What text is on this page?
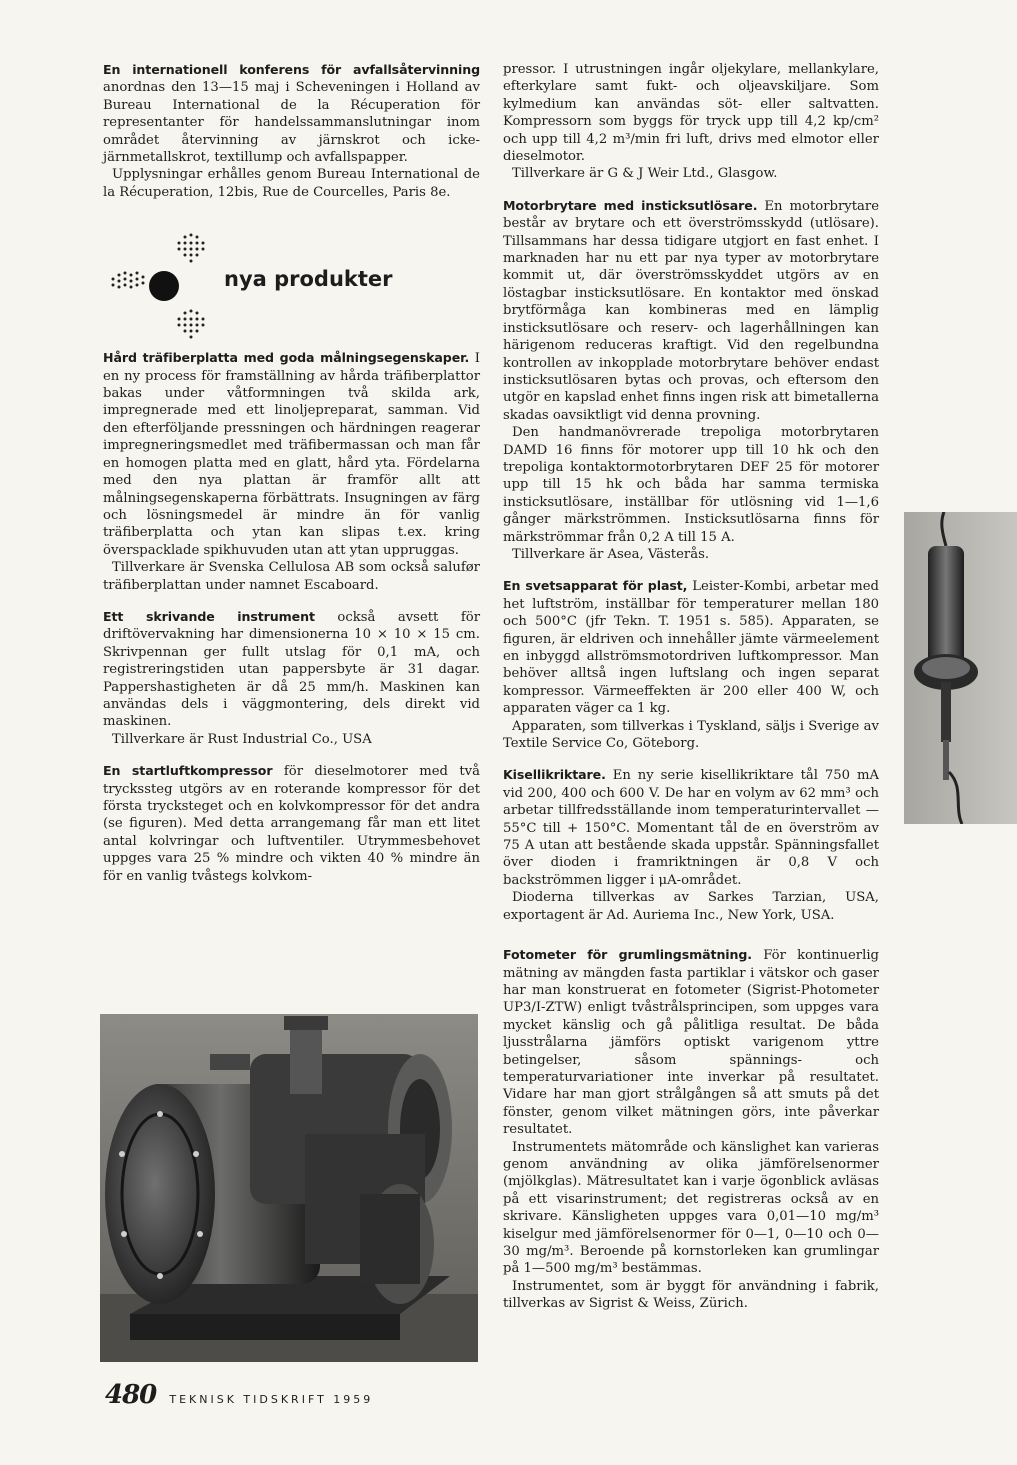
En internationell konferens för avfallsåtervinning anordnas den 13—15 maj i Scheveningen i Holland av Bureau International de la Récuperation för representanter för handelssammanslutningar inom området återvinning av järnskrot och icke-järnmetallskrot, textillump och avfallspapper.

Upplysningar erhålles genom Bureau International de la Récuperation, 12bis, Rue de Courcelles, Paris 8e.

nya produkter

Hård träfiberplatta med goda målningsegenskaper. I en ny process för framställning av hårda träfiberplattor bakas under våtformningen två skilda ark, impregnerade med ett linoljepreparat, samman. Vid den efterföljande pressningen och härdningen reagerar impregneringsmedlet med träfibermassan och man får en homogen platta med en glatt, hård yta. Fördelarna med den nya plattan är framför allt att målningsegenskaperna förbättrats. Insugningen av färg och lösningsmedel är mindre än för vanlig träfiberplatta och ytan kan slipas t.ex. kring överspacklade spikhuvuden utan att ytan uppruggas.

Tillverkare är Svenska Cellulosa AB som också salufør träfiberplattan under namnet Escaboard.

Ett skrivande instrument också avsett för driftövervakning har dimensionerna 10 × 10 × 15 cm. Skrivpennan ger fullt utslag för 0,1 mA, och registreringstiden utan pappersbyte är 31 dagar. Pappershastigheten är då 25 mm/h. Maskinen kan användas dels i väggmontering, dels direkt vid maskinen.

Tillverkare är Rust Industrial Co., USA

En startluftkompressor för dieselmotorer med två tryckssteg utgörs av en roterande kompressor för det första trycksteget och en kolvkompressor för det andra (se figuren). Med detta arrangemang får man ett litet antal kolvringar och luftventiler. Utrymmesbehovet uppges vara 25 % mindre och vikten 40 % mindre än för en vanlig tvåstegs kolvkom-

pressor. I utrustningen ingår oljekylare, mellankylare, efterkylare samt fukt- och oljeavskiljare. Som kylmedium kan användas söt- eller saltvatten. Kompressorn som byggs för tryck upp till 4,2 kp/cm² och upp till 4,2 m³/min fri luft, drivs med elmotor eller dieselmotor.

Tillverkare är G & J Weir Ltd., Glasgow.

Motorbrytare med insticksutlösare. En motorbrytare består av brytare och ett överströmsskydd (utlösare). Tillsammans har dessa tidigare utgjort en fast enhet. I marknaden har nu ett par nya typer av motorbrytare kommit ut, där överströmsskyddet utgörs av en löstagbar insticksutlösare. En kontaktor med önskad brytförmåga kan kombineras med en lämplig insticksutlösare och reserv- och lagerhållningen kan härigenom reduceras kraftigt. Vid den regelbundna kontrollen av inkopplade motorbrytare behöver endast insticksutlösaren bytas och provas, och eftersom den utgör en kapslad enhet finns ingen risk att bimetallerna skadas oavsiktligt vid denna provning.

Den handmanövrerade trepoliga motorbrytaren DAMD 16 finns för motorer upp till 10 hk och den trepoliga kontaktormotorbrytaren DEF 25 för motorer upp till 15 hk och båda har samma termiska insticksutlösare, inställbar för utlösning vid 1—1,6 gånger märkströmmen. Insticksutlösarna finns för märkströmmar från 0,2 A till 15 A.

Tillverkare är Asea, Västerås.

En svetsapparat för plast, Leister-Kombi, arbetar med het luftström, inställbar för temperaturer mellan 180 och 500°C (jfr Tekn. T. 1951 s. 585). Apparaten, se figuren, är eldriven och innehåller jämte värmeelement en inbyggd allströmsmotordriven luftkompressor. Man behöver alltså ingen luftslang och ingen separat kompressor. Värmeeffekten är 200 eller 400 W, och apparaten väger ca 1 kg.

Apparaten, som tillverkas i Tyskland, säljs i Sverige av Textile Service Co, Göteborg.

Kisellikriktare. En ny serie kisellikriktare tål 750 mA vid 200, 400 och 600 V. De har en volym av 62 mm³ och arbetar tillfredsställande inom temperaturintervallet —55°C till + 150°C. Momentant tål de en överström av 75 A utan att bestående skada uppstår. Spänningsfallet över dioden i framriktningen är 0,8 V och backströmmen ligger i μA-området.

Dioderna tillverkas av Sarkes Tarzian, USA, exportagent är Ad. Auriema Inc., New York, USA.

Fotometer för grumlingsmätning. För kontinuerlig mätning av mängden fasta partiklar i vätskor och gaser har man konstruerat en fotometer (Sigrist-Photometer UP3/I-ZTW) enligt tvåstrålsprincipen, som uppges vara mycket känslig och gå pålitliga resultat. De båda ljusstrålarna jämförs optiskt varigenom yttre betingelser, såsom spännings- och temperaturvariationer inte inverkar på resultatet. Vidare har man gjort strålgången så att smuts på det fönster, genom vilket mätningen görs, inte påverkar resultatet.

Instrumentets mätområde och känslighet kan varieras genom användning av olika jämförelsenormer (mjölkglas). Mätresultatet kan i varje ögonblick avläsas på ett visarinstrument; det registreras också av en skrivare. Känsligheten uppges vara 0,01—10 mg/m³ kiselgur med jämförelsenormer för 0—1, 0—10 och 0—30 mg/m³. Beroende på kornstorleken kan grumlingar på 1—500 mg/m³ bestämmas.

Instrumentet, som är byggt för användning i fabrik, tillverkas av Sigrist & Weiss, Zürich.

480 TEKNISK TIDSKRIFT 1959
